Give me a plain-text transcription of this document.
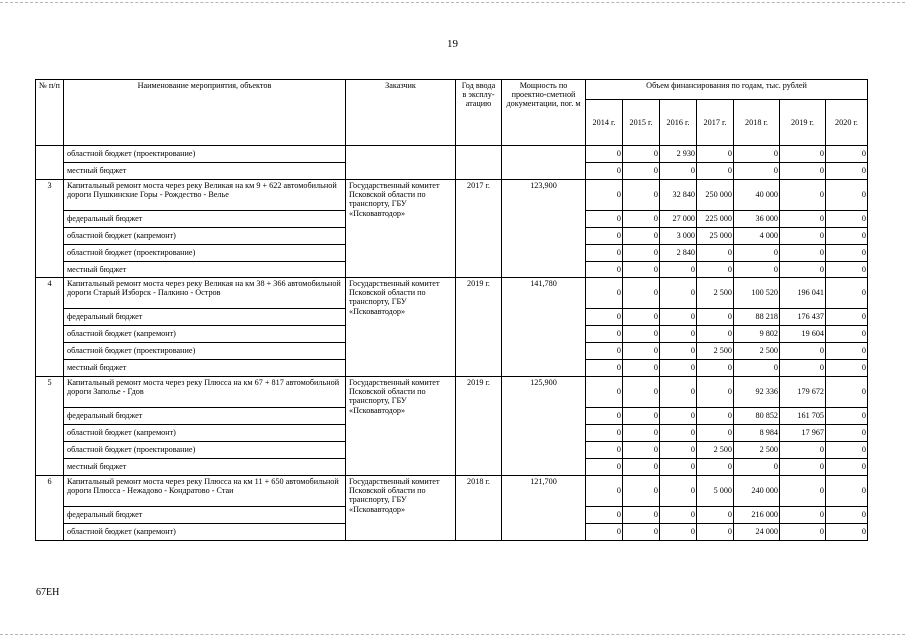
19
№ п/п	Наименование мероприятия, объектов	Заказчик	Год ввода в эксплу-атацию	Мощность по проектно-сметной документации, пог. м	Объем финансирования по годам, тыс. рублей						
					2014 г.	2015 г.	2016 г.	2017 г.	2018 г.	2019 г.	2020 г.
	областной бюджет (проектирование)				0	0	2 930	0	0	0	0
	местный бюджет				0	0	0	0	0	0	0
3	Капитальный ремонт моста через реку Великая на км 9 + 622 автомобильной дороги Пушкинские Горы - Рождество - Велье	Государственный комитет Псковской области по транспорту, ГБУ «Псковавтодор»	2017 г.	123,900	0	0	32 840	250 000	40 000	0	0
	федеральный бюджет				0	0	27 000	225 000	36 000	0	0
	областной бюджет (капремонт)				0	0	3 000	25 000	4 000	0	0
	областной бюджет (проектирование)				0	0	2 840	0	0	0	0
	местный бюджет				0	0	0	0	0	0	0
4	Капитальный ремонт моста через реку Великая на км 38 + 366 автомобильной дороги Старый Изборск - Палкино - Остров	Государственный комитет Псковской области по транспорту, ГБУ «Псковавтодор»	2019 г.	141,780	0	0	0	2 500	100 520	196 041	0
	федеральный бюджет				0	0	0	0	88 218	176 437	0
	областной бюджет (капремонт)				0	0	0	0	9 802	19 604	0
	областной бюджет (проектирование)				0	0	0	2 500	2 500	0	0
	местный бюджет				0	0	0	0	0	0	0
5	Капитальный ремонт моста через реку Плюсса на км 67 + 817 автомобильной дороги Заполье - Гдов	Государственный комитет Псковской области по транспорту, ГБУ «Псковавтодор»	2019 г.	125,900	0	0	0	0	92 336	179 672	0
	федеральный бюджет				0	0	0	0	80 852	161 705	0
	областной бюджет (капремонт)				0	0	0	0	8 984	17 967	0
	областной бюджет (проектирование)				0	0	0	2 500	2 500	0	0
	местный бюджет				0	0	0	0	0	0	0
6	Капитальный ремонт моста через реку Плюсса на км 11 + 650 автомобильной дороги Плюсса - Нежадово - Кондратово - Стаи	Государственный комитет Псковской области по транспорту, ГБУ «Псковавтодор»	2018 г.	121,700	0	0	0	5 000	240 000	0	0
	федеральный бюджет				0	0	0	0	216 000	0	0
	областной бюджет (капремонт)				0	0	0	0	24 000	0	0
67ЕН
